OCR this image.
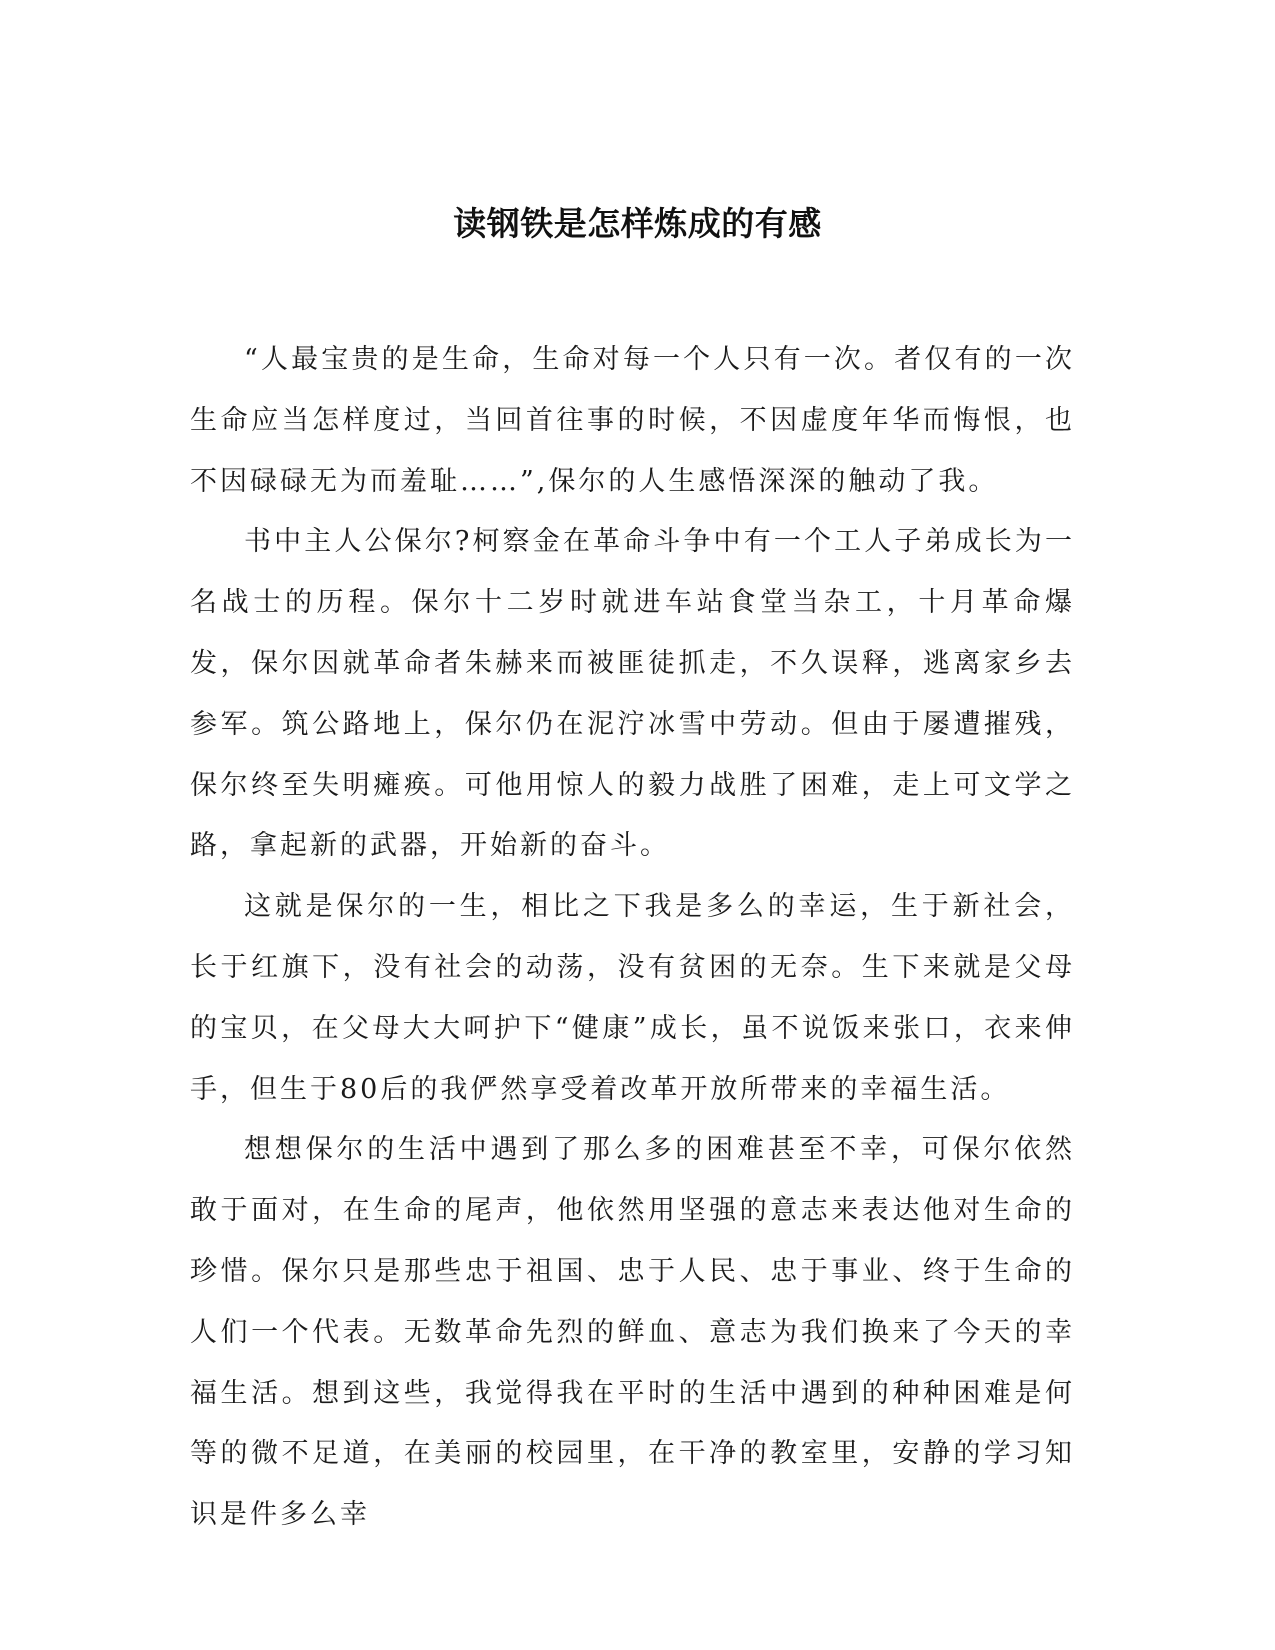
读钢铁是怎样炼成的有感

“人最宝贵的是生命，生命对每一个人只有一次。者仅有的一次生命应当怎样度过，当回首往事的时候，不因虚度年华而悔恨，也不因碌碌无为而羞耻……”,保尔的人生感悟深深的触动了我。

书中主人公保尔?柯察金在革命斗争中有一个工人子弟成长为一名战士的历程。保尔十二岁时就进车站食堂当杂工，十月革命爆发，保尔因就革命者朱赫来而被匪徒抓走，不久误释，逃离家乡去参军。筑公路地上，保尔仍在泥泞冰雪中劳动。但由于屡遭摧残，保尔终至失明瘫痪。可他用惊人的毅力战胜了困难，走上可文学之路，拿起新的武器，开始新的奋斗。

这就是保尔的一生，相比之下我是多么的幸运，生于新社会，长于红旗下，没有社会的动荡，没有贫困的无奈。生下来就是父母的宝贝，在父母大大呵护下“健康”成长，虽不说饭来张口，衣来伸手，但生于80后的我俨然享受着改革开放所带来的幸福生活。

想想保尔的生活中遇到了那么多的困难甚至不幸，可保尔依然敢于面对，在生命的尾声，他依然用坚强的意志来表达他对生命的珍惜。保尔只是那些忠于祖国、忠于人民、忠于事业、终于生命的人们一个代表。无数革命先烈的鲜血、意志为我们换来了今天的幸福生活。想到这些，我觉得我在平时的生活中遇到的种种困难是何等的微不足道，在美丽的校园里，在干净的教室里，安静的学习知识是件多么幸
